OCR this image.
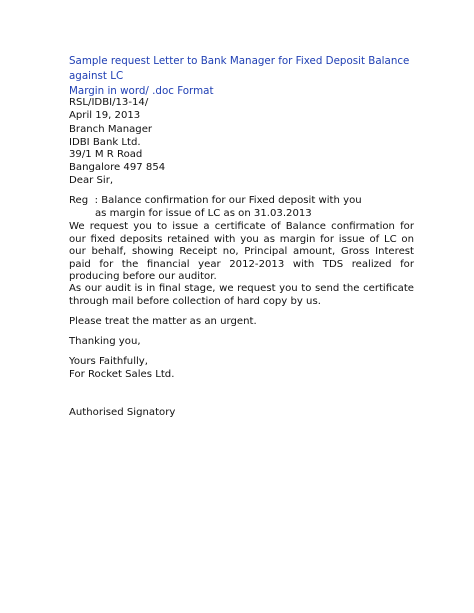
Sample request Letter to Bank Manager for Fixed Deposit Balance against LC
Margin in word/ .doc Format
RSL/IDBI/13-14/
April 19, 2013
Branch Manager
IDBI Bank Ltd.
39/1 M R Road
Bangalore 497 854
Dear Sir,
Reg  : Balance confirmation for our Fixed deposit with you
as margin for issue of LC as on 31.03.2013
We request you to issue a certificate of Balance confirmation for our fixed deposits retained with you as margin for issue of LC on our behalf, showing Receipt no, Principal amount, Gross Interest paid for the financial year 2012-2013 with TDS realized for producing before our auditor.
As our audit is in final stage, we request you to send the certificate through mail before collection of hard copy by us.
Please treat the matter as an urgent.
Thanking you,
Yours Faithfully,
For Rocket Sales Ltd.
Authorised Signatory
